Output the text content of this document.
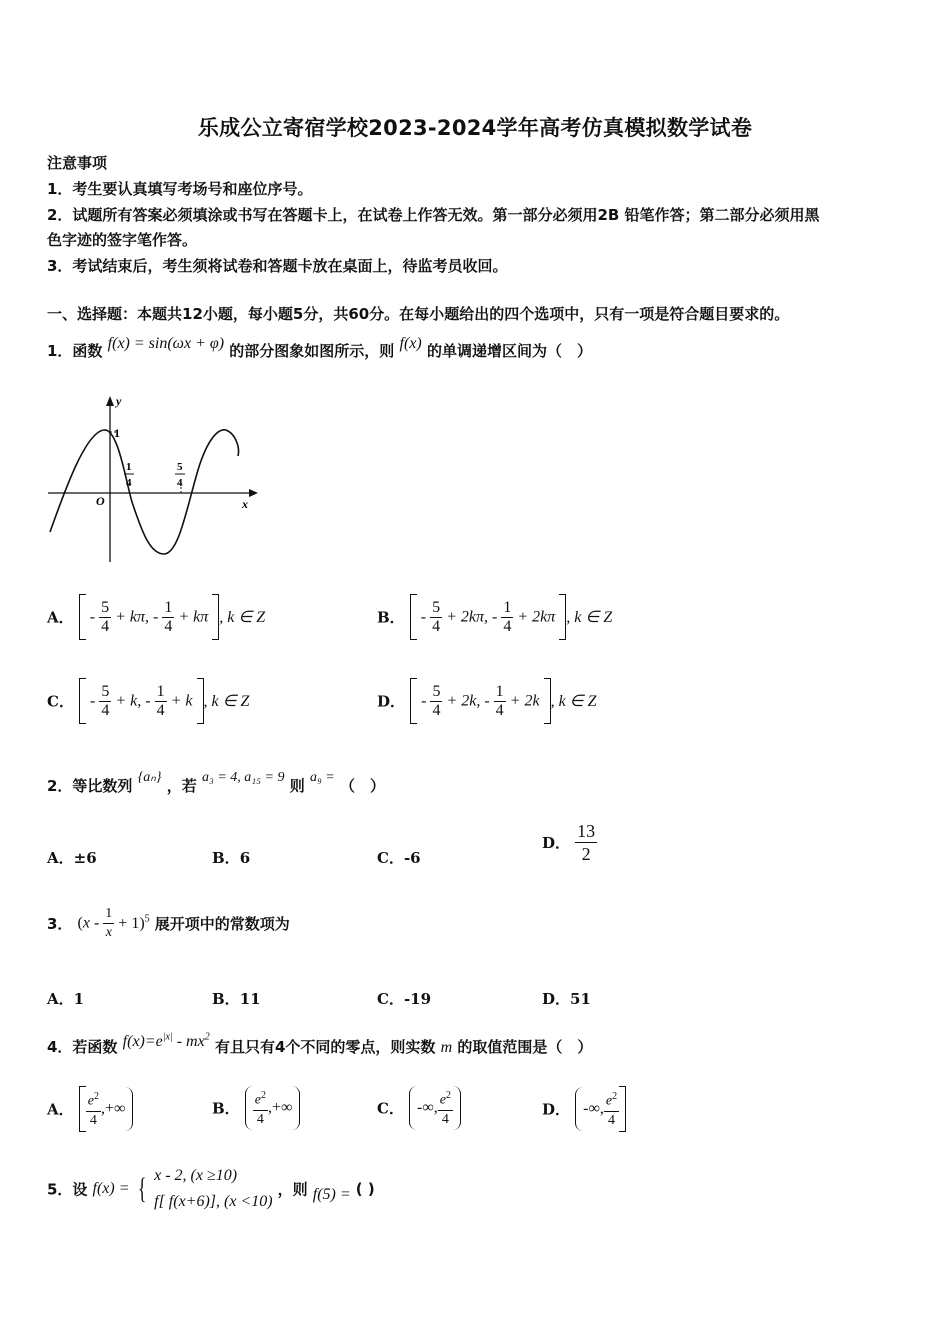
乐成公立寄宿学校2023-2024学年高考仿真模拟数学试卷
注意事项
1．考生要认真填写考场号和座位序号。
2．试题所有答案必须填涂或书写在答题卡上，在试卷上作答无效。第一部分必须用2B 铅笔作答；第二部分必须用黑
色字迹的签字笔作答。
3．考试结束后，考生须将试卷和答题卡放在桌面上，待监考员收回。
一、选择题：本题共12小题，每小题5分，共60分。在每小题给出的四个选项中，只有一项是符合题目要求的。
1．函数 f(x) = sin(ωx + φ) 的部分图象如图所示，则 f(x) 的单调递增区间为（　）
y
x
O
1
1
4
5
4
A．  - $\frac{5}{4} + k\pi$, - $\frac{1}{4} + k\pi$ , k ∈ Z	B．  - $\frac{5}{4} + 2k\pi$, - $\frac{1}{4} + 2k\pi$ , k ∈ Z
C．  - $\frac{5}{4} + k$, - $\frac{1}{4} + k$ , k ∈ Z	D．  - $\frac{5}{4} + 2k$, - $\frac{1}{4} + 2k$ , k ∈ Z
2．等比数列 {aₙ} ，若 a₃ = 4, a₁₅ = 9 则 a₉ = （　）
A．±6	B．6	C．-6
D． $\frac{13}{2}$
3． $(x - \frac{1}{x} + 1)^5$ 展开项中的常数项为
A．1	B．11	C．-19	D．51
4．若函数 $f(x)=e^{|x|} - mx^2$ 有且只有4个不同的零点，则实数 m 的取值范围是（　）
A． $\frac{e^2}{4}$ ,+∞	B． $\frac{e^2}{4}$ ,+∞	C． -∞, $\frac{e^2}{4}$	D． -∞, $\frac{e^2}{4}$
5．设 f(x) = { x - 2, (x ≥10)
f[ f(x+6)], (x <10)
，则 f(5) = ( )
